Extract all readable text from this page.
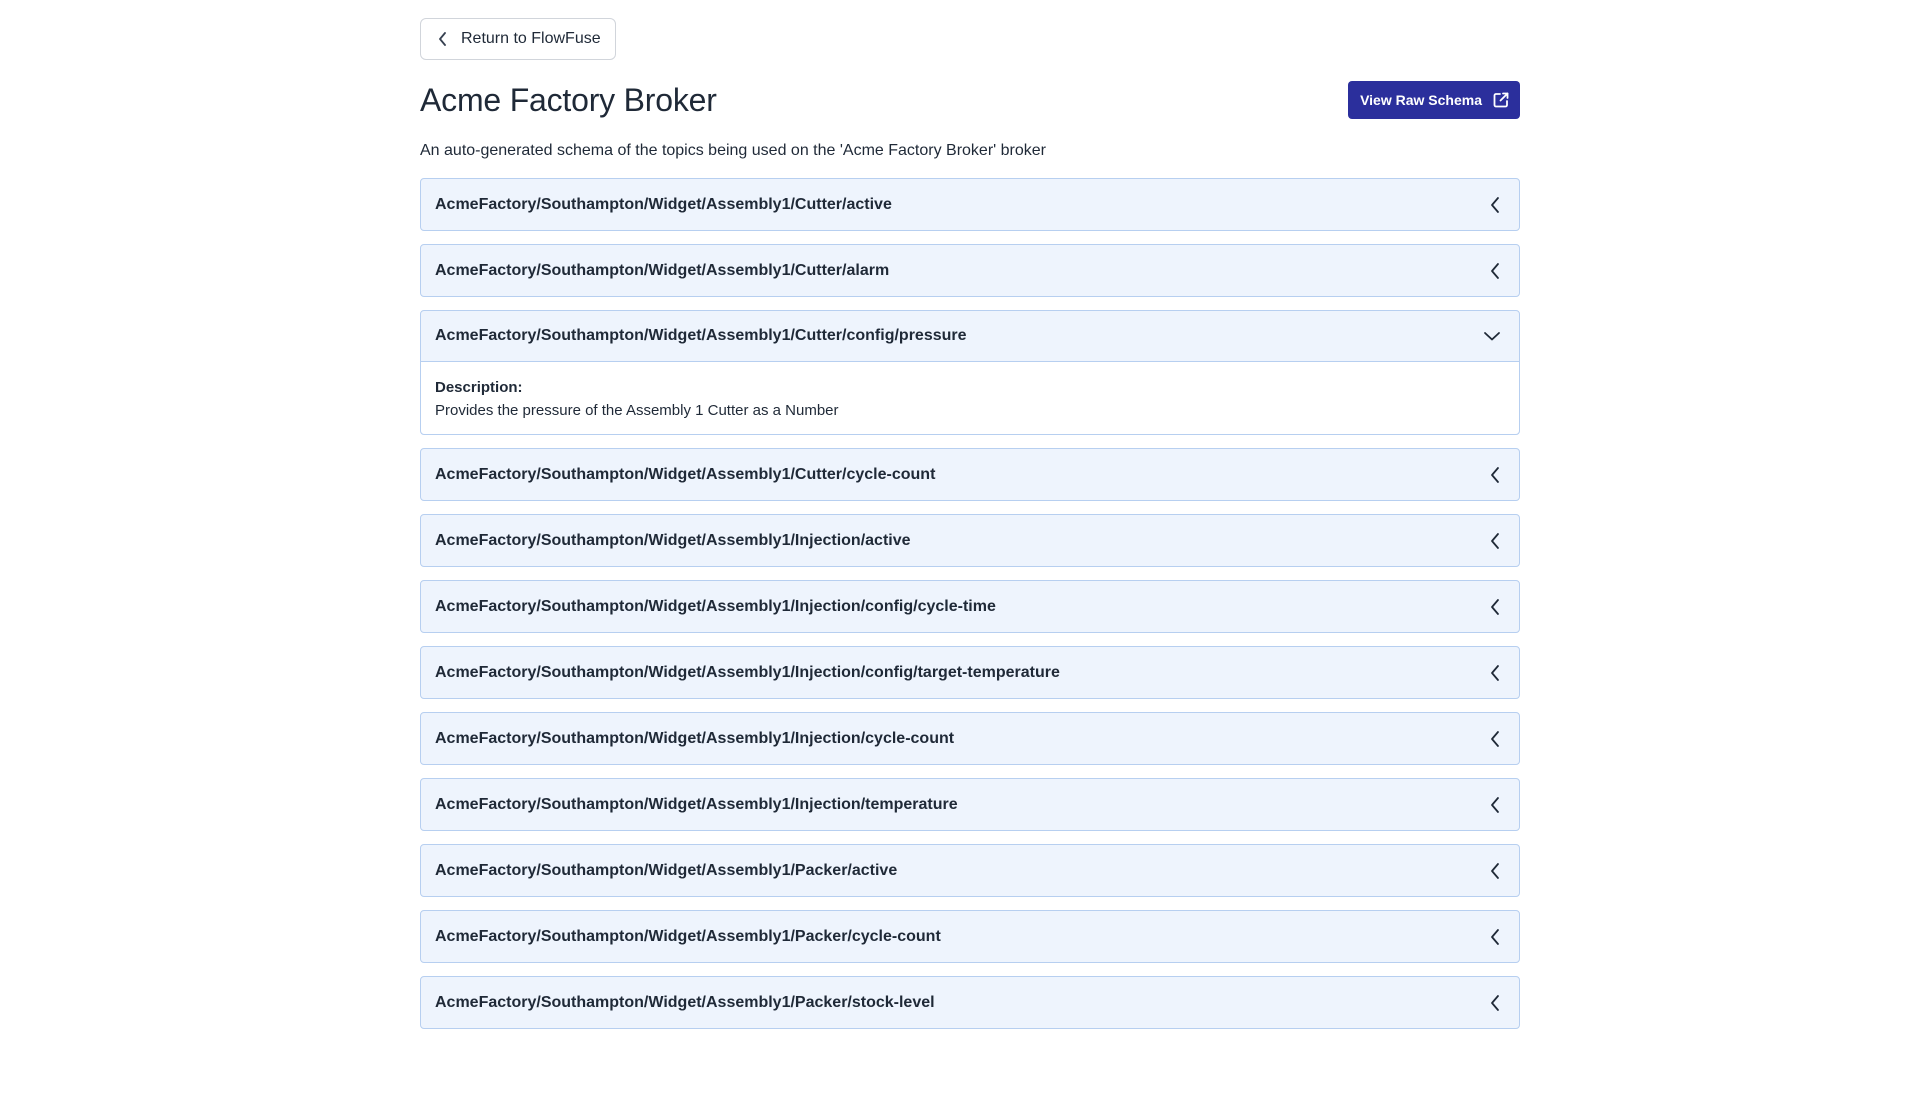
Return to FlowFuse
Acme Factory Broker	View Raw Schema
An auto-generated schema of the topics being used on the 'Acme Factory Broker' broker
AcmeFactory/Southampton/Widget/Assembly1/Cutter/active
AcmeFactory/Southampton/Widget/Assembly1/Cutter/alarm
AcmeFactory/Southampton/Widget/Assembly1/Cutter/config/pressure
Description:
Provides the pressure of the Assembly 1 Cutter as a Number
AcmeFactory/Southampton/Widget/Assembly1/Cutter/cycle-count
AcmeFactory/Southampton/Widget/Assembly1/Injection/active
AcmeFactory/Southampton/Widget/Assembly1/Injection/config/cycle-time
AcmeFactory/Southampton/Widget/Assembly1/Injection/config/target-temperature
AcmeFactory/Southampton/Widget/Assembly1/Injection/cycle-count
AcmeFactory/Southampton/Widget/Assembly1/Injection/temperature
AcmeFactory/Southampton/Widget/Assembly1/Packer/active
AcmeFactory/Southampton/Widget/Assembly1/Packer/cycle-count
AcmeFactory/Southampton/Widget/Assembly1/Packer/stock-level
